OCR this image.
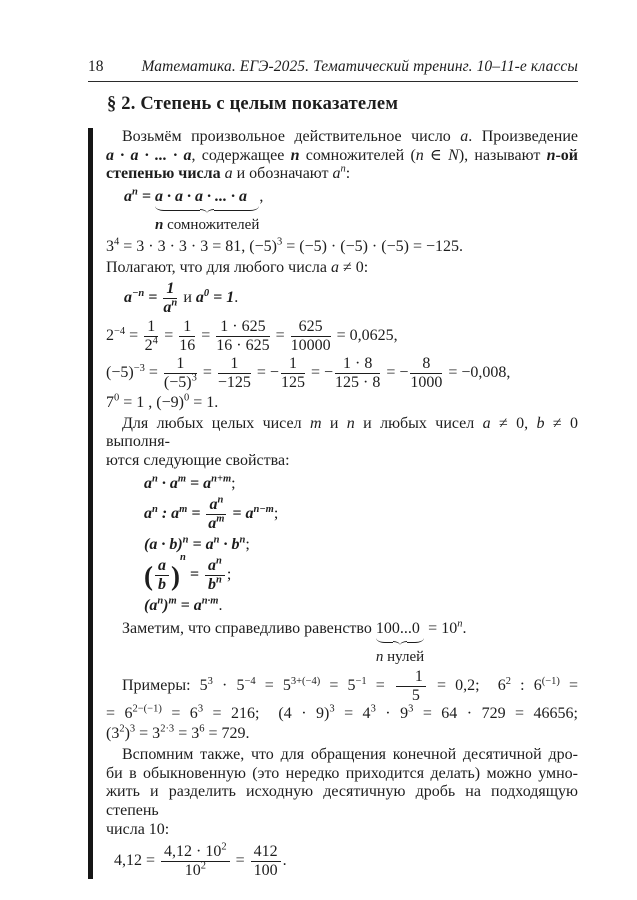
18 Математика. ЕГЭ-2025. Тематический тренинг. 10–11-е классы
§ 2. Степень с целым показателем
Возьмём произвольное действительное число a. Произведение
a · a · ... · a, содержащее n сомножителей (n ∈ N), называют n-ой
степенью числа a и обозначают $a^n$:
$a^n = a \cdot a \cdot a$ · ... · a
n сомножителей
,
$3^4 = 3 \cdot 3 \cdot 3 \cdot 3 = 81$, $(-5)^3 = (-5) \cdot (-5) \cdot (-5) = -125$.
Полагают, что для любого числа a ≠ 0:
$a^{-n} = \frac{1}{a^n}$ и $a^0 = 1$.
$2^{-4} = \frac{1}{2^4} = \frac{1}{16} = \frac{1 \cdot 625}{16 \cdot 625} = \frac{625}{10000} = 0,0625$,
$(-5)^{-3} = \frac{1}{(-5)^3} = \frac{1}{-125}$ = − $\frac{1}{125}$ = − $\frac{1 \cdot 8}{125 \cdot 8}$ = − $\frac{8}{1000} = -0,008$,
$7^0 = 1$ , $(-9)^0 = 1$.
Для любых целых чисел m и n и любых чисел a ≠ 0, b ≠ 0 выполня-
ются следующие свойства:
$a^n \cdot a^m = a^{n+m}$;
$a^n$ : $a^m = \frac{a^n}{a^m} = a^{n-m}$;
$(a \cdot b)^n = a^n \cdot b^n$;
( $\frac{a}{b} )^n = \frac{a^n}{b^n}$ ;
$(a^n)^m = a^{n\cdot m}$.
Заметим, что справедливо равенство 100...0
n нулей
= $10^n$.
Примеры: $5^3 \cdot 5^{-4} = 5^{3+(-4)} = 5^{-1} = \frac{1}{5} = 0,2$;  $6^2$ : $6^{(-1)}$ =
= $6^{2-(-1)} = 6^3 = 216$;  $(4 \cdot 9)^3 = 4^3 \cdot 9^3 = 64 \cdot 729 = 46656$;
$(3^2)^3 = 3^{2\cdot 3} = 3^6 = 729$.
Вспомним также, что для обращения конечной десятичной дро-
би в обыкновенную (это нередко приходится делать) можно умно-
жить и разделить исходную десятичную дробь на подходящую степень
числа 10:
$4,12 = \frac{4,12 \cdot 10^2}{10^2} = \frac{412}{100}$ .
